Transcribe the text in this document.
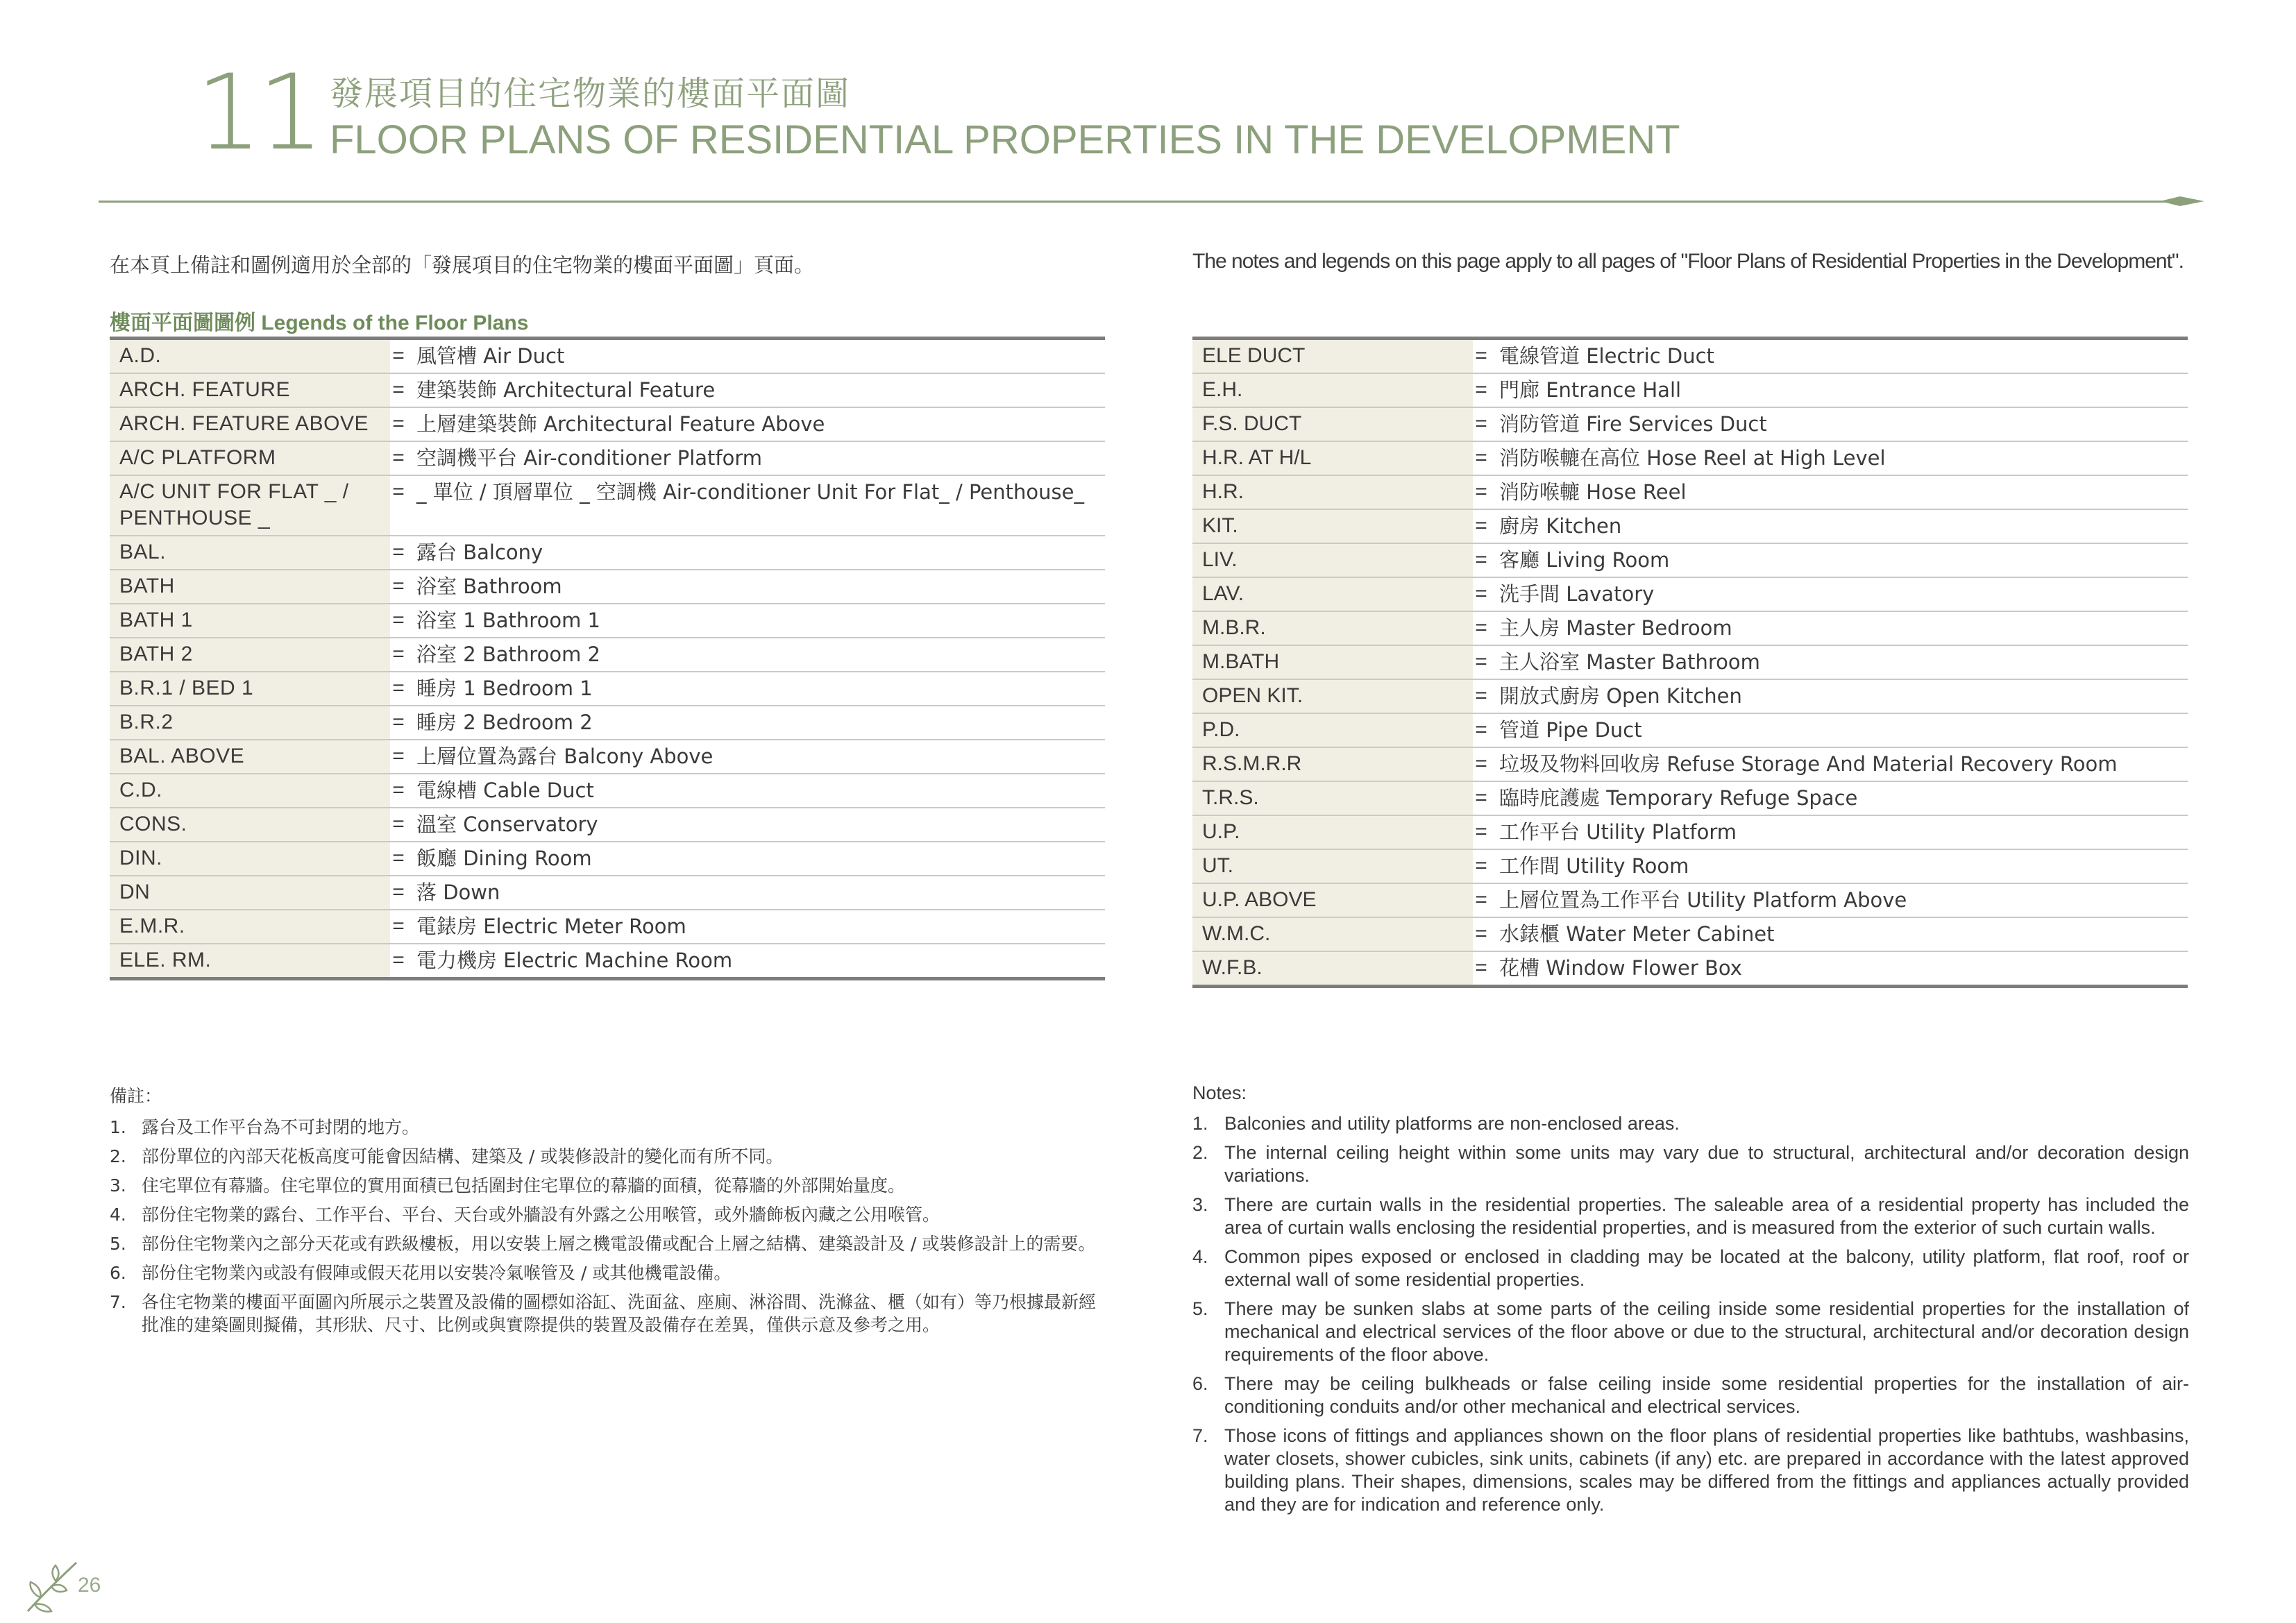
11 發展項目的住宅物業的樓面平面圖
FLOOR PLANS OF RESIDENTIAL PROPERTIES IN THE DEVELOPMENT
在本頁上備註和圖例適用於全部的「發展項目的住宅物業的樓面平面圖」頁面。	The notes and legends on this page apply to all pages of "Floor Plans of Residential Properties in the Development".
樓面平面圖圖例 Legends of the Floor Plans
A.D.	=	風管槽 Air Duct
ARCH. FEATURE	=	建築裝飾 Architectural Feature
ARCH. FEATURE ABOVE	=	上層建築裝飾 Architectural Feature Above
A/C PLATFORM	=	空調機平台 Air-conditioner Platform
A/C UNIT FOR FLAT _ / PENTHOUSE _	=	_ 單位 / 頂層單位 _ 空調機 Air-conditioner Unit For Flat_ / Penthouse_
BAL.	=	露台 Balcony
BATH	=	浴室 Bathroom
BATH 1	=	浴室 1 Bathroom 1
BATH 2	=	浴室 2 Bathroom 2
B.R.1 / BED 1	=	睡房 1 Bedroom 1
B.R.2	=	睡房 2 Bedroom 2
BAL. ABOVE	=	上層位置為露台 Balcony Above
C.D.	=	電線槽 Cable Duct
CONS.	=	溫室 Conservatory
DIN.	=	飯廳 Dining Room
DN	=	落 Down
E.M.R.	=	電錶房 Electric Meter Room
ELE. RM.	=	電力機房 Electric Machine Room
ELE DUCT	=	電線管道 Electric Duct
E.H.	=	門廊 Entrance Hall
F.S. DUCT	=	消防管道 Fire Services Duct
H.R. AT H/L	=	消防喉轆在高位 Hose Reel at High Level
H.R.	=	消防喉轆 Hose Reel
KIT.	=	廚房 Kitchen
LIV.	=	客廳 Living Room
LAV.	=	洗手間 Lavatory
M.B.R.	=	主人房 Master Bedroom
M.BATH	=	主人浴室 Master Bathroom
OPEN KIT.	=	開放式廚房 Open Kitchen
P.D.	=	管道 Pipe Duct
R.S.M.R.R	=	垃圾及物料回收房 Refuse Storage And Material Recovery Room
T.R.S.	=	臨時庇護處 Temporary Refuge Space
U.P.	=	工作平台 Utility Platform
UT.	=	工作間 Utility Room
U.P. ABOVE	=	上層位置為工作平台 Utility Platform Above
W.M.C.	=	水錶櫃 Water Meter Cabinet
W.F.B.	=	花槽 Window Flower Box
備註：
1. 露台及工作平台為不可封閉的地方。
2. 部份單位的內部天花板高度可能會因結構、建築及 / 或裝修設計的變化而有所不同。
3. 住宅單位有幕牆。住宅單位的實用面積已包括圍封住宅單位的幕牆的面積，從幕牆的外部開始量度。
4. 部份住宅物業的露台、工作平台、平台、天台或外牆設有外露之公用喉管，或外牆飾板內藏之公用喉管。
5. 部份住宅物業內之部分天花或有跌級樓板，用以安裝上層之機電設備或配合上層之結構、建築設計及 / 或裝修設計上的需要。
6. 部份住宅物業內或設有假陣或假天花用以安裝冷氣喉管及 / 或其他機電設備。
7. 各住宅物業的樓面平面圖內所展示之裝置及設備的圖標如浴缸、洗面盆、座廁、淋浴間、洗滌盆、櫃（如有）等乃根據最新經批准的建築圖則擬備，其形狀、尺寸、比例或與實際提供的裝置及設備存在差異，僅供示意及參考之用。
Notes:
1. Balconies and utility platforms are non-enclosed areas.
2. The internal ceiling height within some units may vary due to structural, architectural and/or decoration design variations.
3. There are curtain walls in the residential properties. The saleable area of a residential property has included the area of curtain walls enclosing the residential properties, and is measured from the exterior of such curtain walls.
4. Common pipes exposed or enclosed in cladding may be located at the balcony, utility platform, flat roof, roof or external wall of some residential properties.
5. There may be sunken slabs at some parts of the ceiling inside some residential properties for the installation of mechanical and electrical services of the floor above or due to the structural, architectural and/or decoration design requirements of the floor above.
6. There may be ceiling bulkheads or false ceiling inside some residential properties for the installation of air-conditioning conduits and/or other mechanical and electrical services.
7. Those icons of fittings and appliances shown on the floor plans of residential properties like bathtubs, washbasins, water closets, shower cubicles, sink units, cabinets (if any) etc. are prepared in accordance with the latest approved building plans. Their shapes, dimensions, scales may be differed from the fittings and appliances actually provided and they are for indication and reference only.
26
